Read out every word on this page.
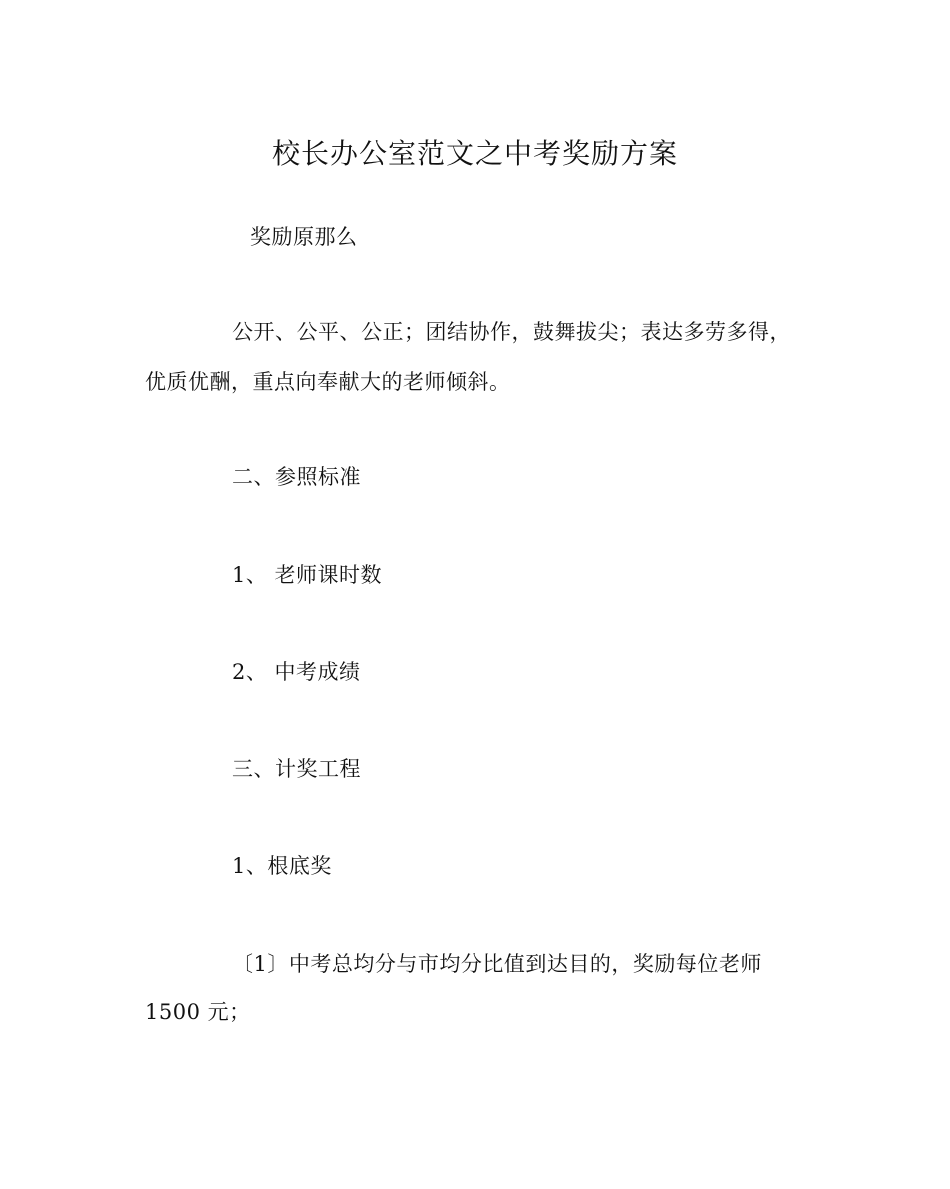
校长办公室范文之中考奖励方案
奖励原那么
公开、公平、公正；团结协作，鼓舞拔尖；表达多劳多得，
优质优酬，重点向奉献大的老师倾斜。
二、参照标准
1、 老师课时数
2、 中考成绩
三、计奖工程
1、根底奖
〔1〕中考总均分与市均分比值到达目的，奖励每位老师
1500 元；
